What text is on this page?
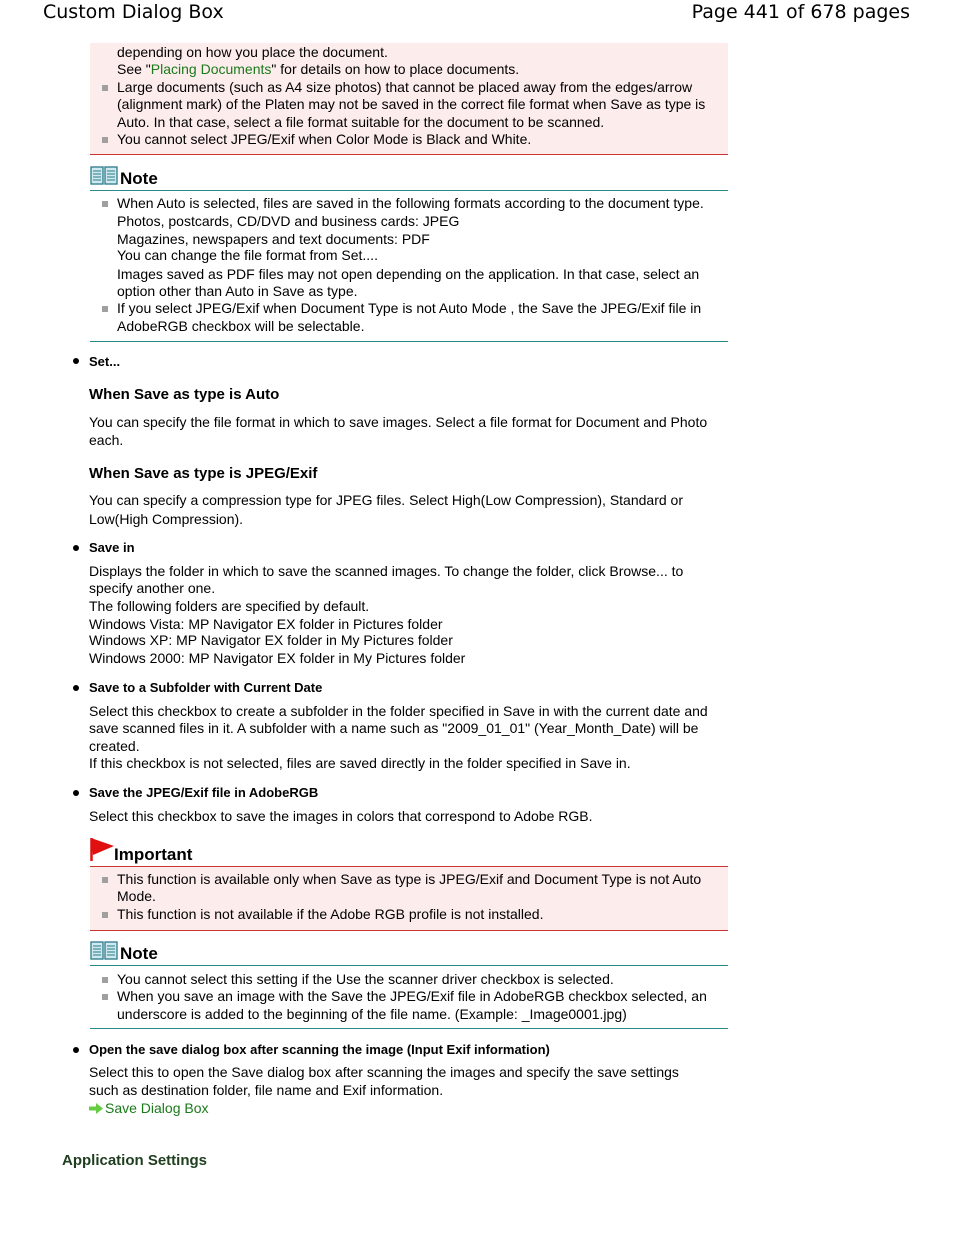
Custom Dialog Box	Page 441 of 678 pages
depending on how you place the document.
See "Placing Documents" for details on how to place documents.
Large documents (such as A4 size photos) that cannot be placed away from the edges/arrow
(alignment mark) of the Platen may not be saved in the correct file format when Save as type is
Auto. In that case, select a file format suitable for the document to be scanned.
You cannot select JPEG/Exif when Color Mode is Black and White.
Note
When Auto is selected, files are saved in the following formats according to the document type.
Photos, postcards, CD/DVD and business cards: JPEG
Magazines, newspapers and text documents: PDF
You can change the file format from Set....
Images saved as PDF files may not open depending on the application. In that case, select an
option other than Auto in Save as type.
If you select JPEG/Exif when Document Type is not Auto Mode , the Save the JPEG/Exif file in
AdobeRGB checkbox will be selectable.
Set...
When Save as type is Auto
You can specify the file format in which to save images. Select a file format for Document and Photo
each.
When Save as type is JPEG/Exif
You can specify a compression type for JPEG files. Select High(Low Compression), Standard or
Low(High Compression).
Save in
Displays the folder in which to save the scanned images. To change the folder, click Browse... to
specify another one.
The following folders are specified by default.
Windows Vista: MP Navigator EX folder in Pictures folder
Windows XP: MP Navigator EX folder in My Pictures folder
Windows 2000: MP Navigator EX folder in My Pictures folder
Save to a Subfolder with Current Date
Select this checkbox to create a subfolder in the folder specified in Save in with the current date and
save scanned files in it. A subfolder with a name such as "2009_01_01" (Year_Month_Date) will be
created.
If this checkbox is not selected, files are saved directly in the folder specified in Save in.
Save the JPEG/Exif file in AdobeRGB
Select this checkbox to save the images in colors that correspond to Adobe RGB.
Important
This function is available only when Save as type is JPEG/Exif and Document Type is not Auto
Mode.
This function is not available if the Adobe RGB profile is not installed.
Note
You cannot select this setting if the Use the scanner driver checkbox is selected.
When you save an image with the Save the JPEG/Exif file in AdobeRGB checkbox selected, an
underscore is added to the beginning of the file name. (Example: _Image0001.jpg)
Open the save dialog box after scanning the image (Input Exif information)
Select this to open the Save dialog box after scanning the images and specify the save settings
such as destination folder, file name and Exif information.
Save Dialog Box
Application Settings
